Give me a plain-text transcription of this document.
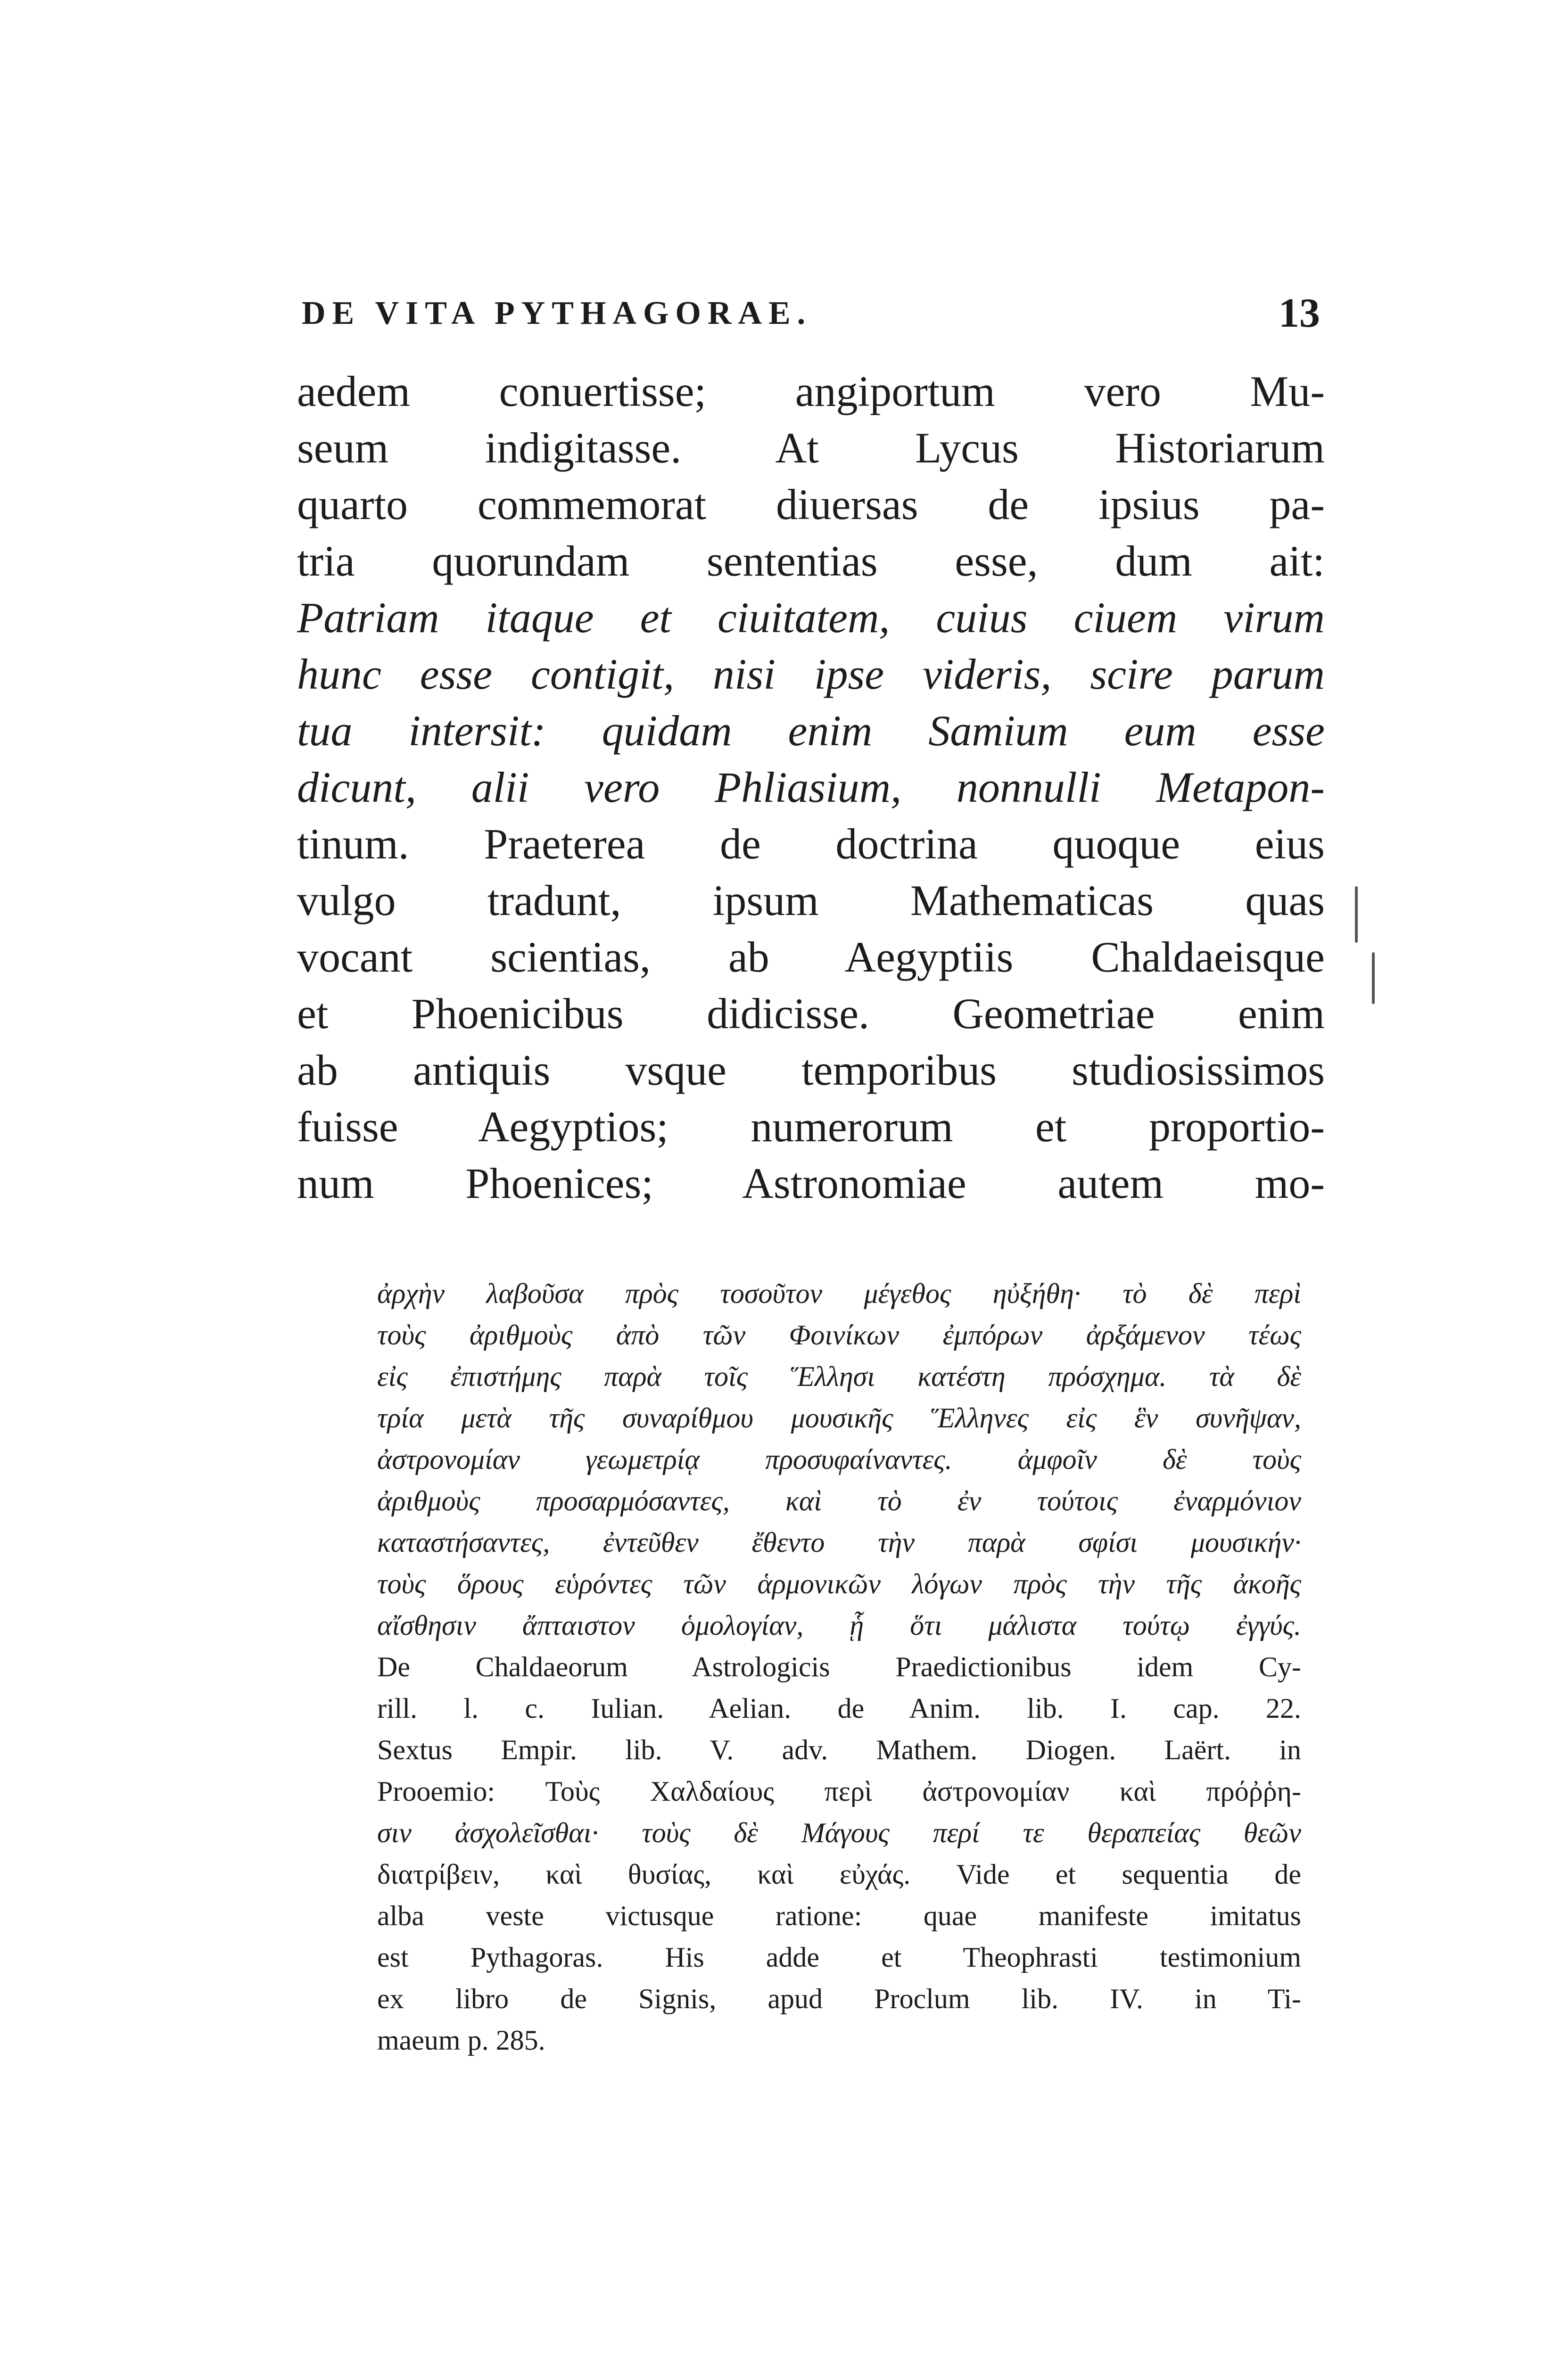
DE VITA PYTHAGORAE.	13
aedem conuertisse; angiportum vero Mu-
seum indigitasse. At Lycus Historiarum
quarto commemorat diuersas de ipsius pa-
tria quorundam sententias esse, dum ait:
Patriam itaque et ciuitatem, cuius ciuem virum
hunc esse contigit, nisi ipse videris, scire parum
tua intersit: quidam enim Samium eum esse
dicunt, alii vero Phliasium, nonnulli Metapon-
tinum. Praeterea de doctrina quoque eius
vulgo tradunt, ipsum Mathematicas quas
vocant scientias, ab Aegyptiis Chaldaeisque
et Phoenicibus didicisse. Geometriae enim
ab antiquis vsque temporibus studiosissimos
fuisse Aegyptios; numerorum et proportio-
num Phoenices; Astronomiae autem mo-
ἀρχὴν λαβοῦσα πρὸς τοσοῦτον μέγεθος ηὐξήθη· τὸ δὲ περὶ
τοὺς ἀριθμοὺς ἀπὸ τῶν Φοινίκων ἐμπόρων ἀρξάμενον τέως
εἰς ἐπιστήμης παρὰ τοῖς Ἕλλησι κατέστη πρόσχημα. τὰ δὲ
τρία μετὰ τῆς συναρίθμου μουσικῆς Ἕλληνες εἰς ἓν συνῆψαν,
ἀστρονομίαν γεωμετρίᾳ προσυφαίναντες. ἀμφοῖν δὲ τοὺς
ἀριθμοὺς προσαρμόσαντες, καὶ τὸ ἐν τούτοις ἐναρμόνιον
καταστήσαντες, ἐντεῦθεν ἔθεντο τὴν παρὰ σφίσι μουσικήν·
τοὺς ὅρους εὑρόντες τῶν ἁρμονικῶν λόγων πρὸς τὴν τῆς ἀκοῆς
αἴσθησιν ἄπταιστον ὁμολογίαν, ᾗ ὅτι μάλιστα τούτῳ ἐγγύς.
De Chaldaeorum Astrologicis Praedictionibus idem Cy-
rill. l. c. Iulian. Aelian. de Anim. lib. I. cap. 22.
Sextus Empir. lib. V. adv. Mathem. Diogen. Laërt. in
Prooemio: Τοὺς Χαλδαίους περὶ ἀστρονομίαν καὶ πρόῤῥη-
σιν ἀσχολεῖσθαι· τοὺς δὲ Μάγους περί τε θεραπείας θεῶν
διατρίβειν, καὶ θυσίας, καὶ εὐχάς. Vide et sequentia de
alba veste victusque ratione: quae manifeste imitatus
est Pythagoras. His adde et Theophrasti testimonium
ex libro de Signis, apud Proclum lib. IV. in Ti-
maeum p. 285.
